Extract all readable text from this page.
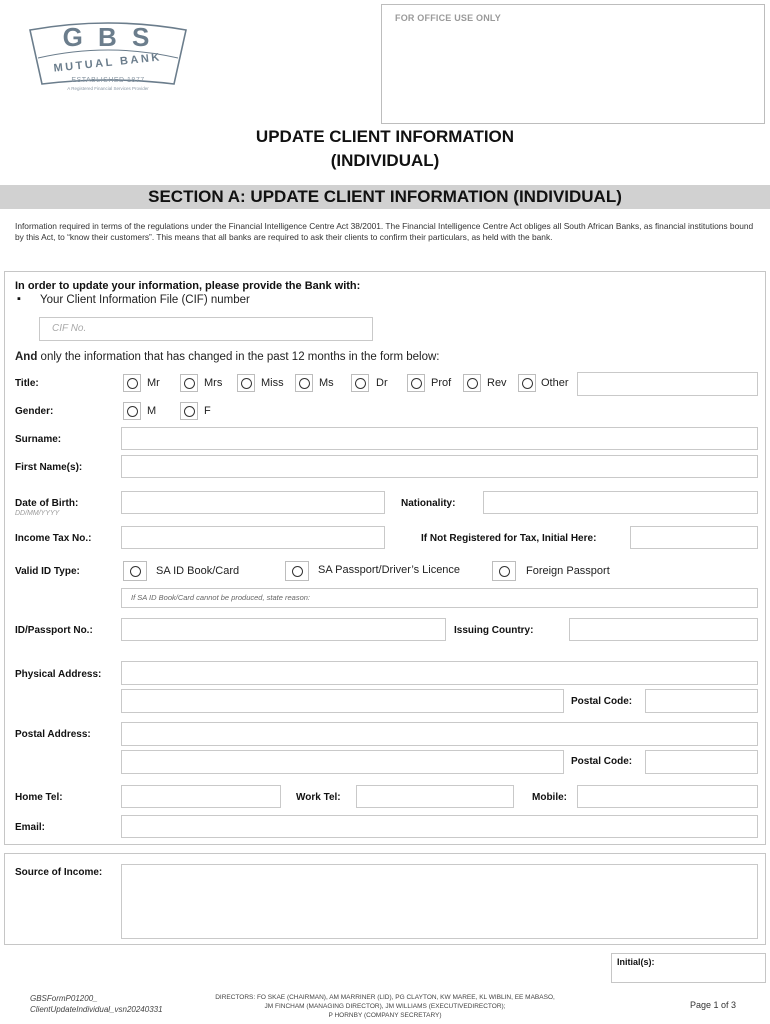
FOR OFFICE USE ONLY
G B S
MUTUAL BANK
ESTABLISHED 1877
A Registered Financial Services Provider
UPDATE CLIENT INFORMATION
(INDIVIDUAL)
SECTION A: UPDATE CLIENT INFORMATION (INDIVIDUAL)
Information required in terms of the regulations under the Financial Intelligence Centre Act 38/2001. The Financial Intelligence Centre Act obliges all South African Banks, as financial institutions bound by this Act, to “know their customers”. This means that all banks are required to ask their clients to confirm their particulars, as held with the bank.
In order to update your information, please provide the Bank with:
▪ Your Client Information File (CIF) number
CIF No.
And only the information that has changed in the past 12 months in the form below:
Title:	Mr	Mrs	Miss	Ms	Dr	Prof	Rev	Other
Gender:	M	F
Surname:
First Name(s):
Date of Birth:
DD/MM/YYYY
Nationality:
Income Tax No.:	If Not Registered for Tax, Initial Here:
Valid ID Type:	SA ID Book/Card	SA Passport/Driver’s Licence	Foreign Passport
If SA ID Book/Card cannot be produced, state reason:
ID/Passport No.:	Issuing Country:
Physical Address:
Postal Code:
Postal Address:
Postal Code:
Home Tel:	Work Tel:	Mobile:
Email:
Source of Income:
Initial(s):
GBSFormP01200_
ClientUpdateIndividual_vsn20240331
DIRECTORS: FO SKAE (CHAIRMAN), AM MARRINER (LID), PG CLAYTON, KW MAREE, KL WIBLIN, EE MABASO,
JM FINCHAM (MANAGING DIRECTOR), JM WILLIAMS (EXECUTIVEDIRECTOR);
P HORNBY (COMPANY SECRETARY)
Page 1 of 3
